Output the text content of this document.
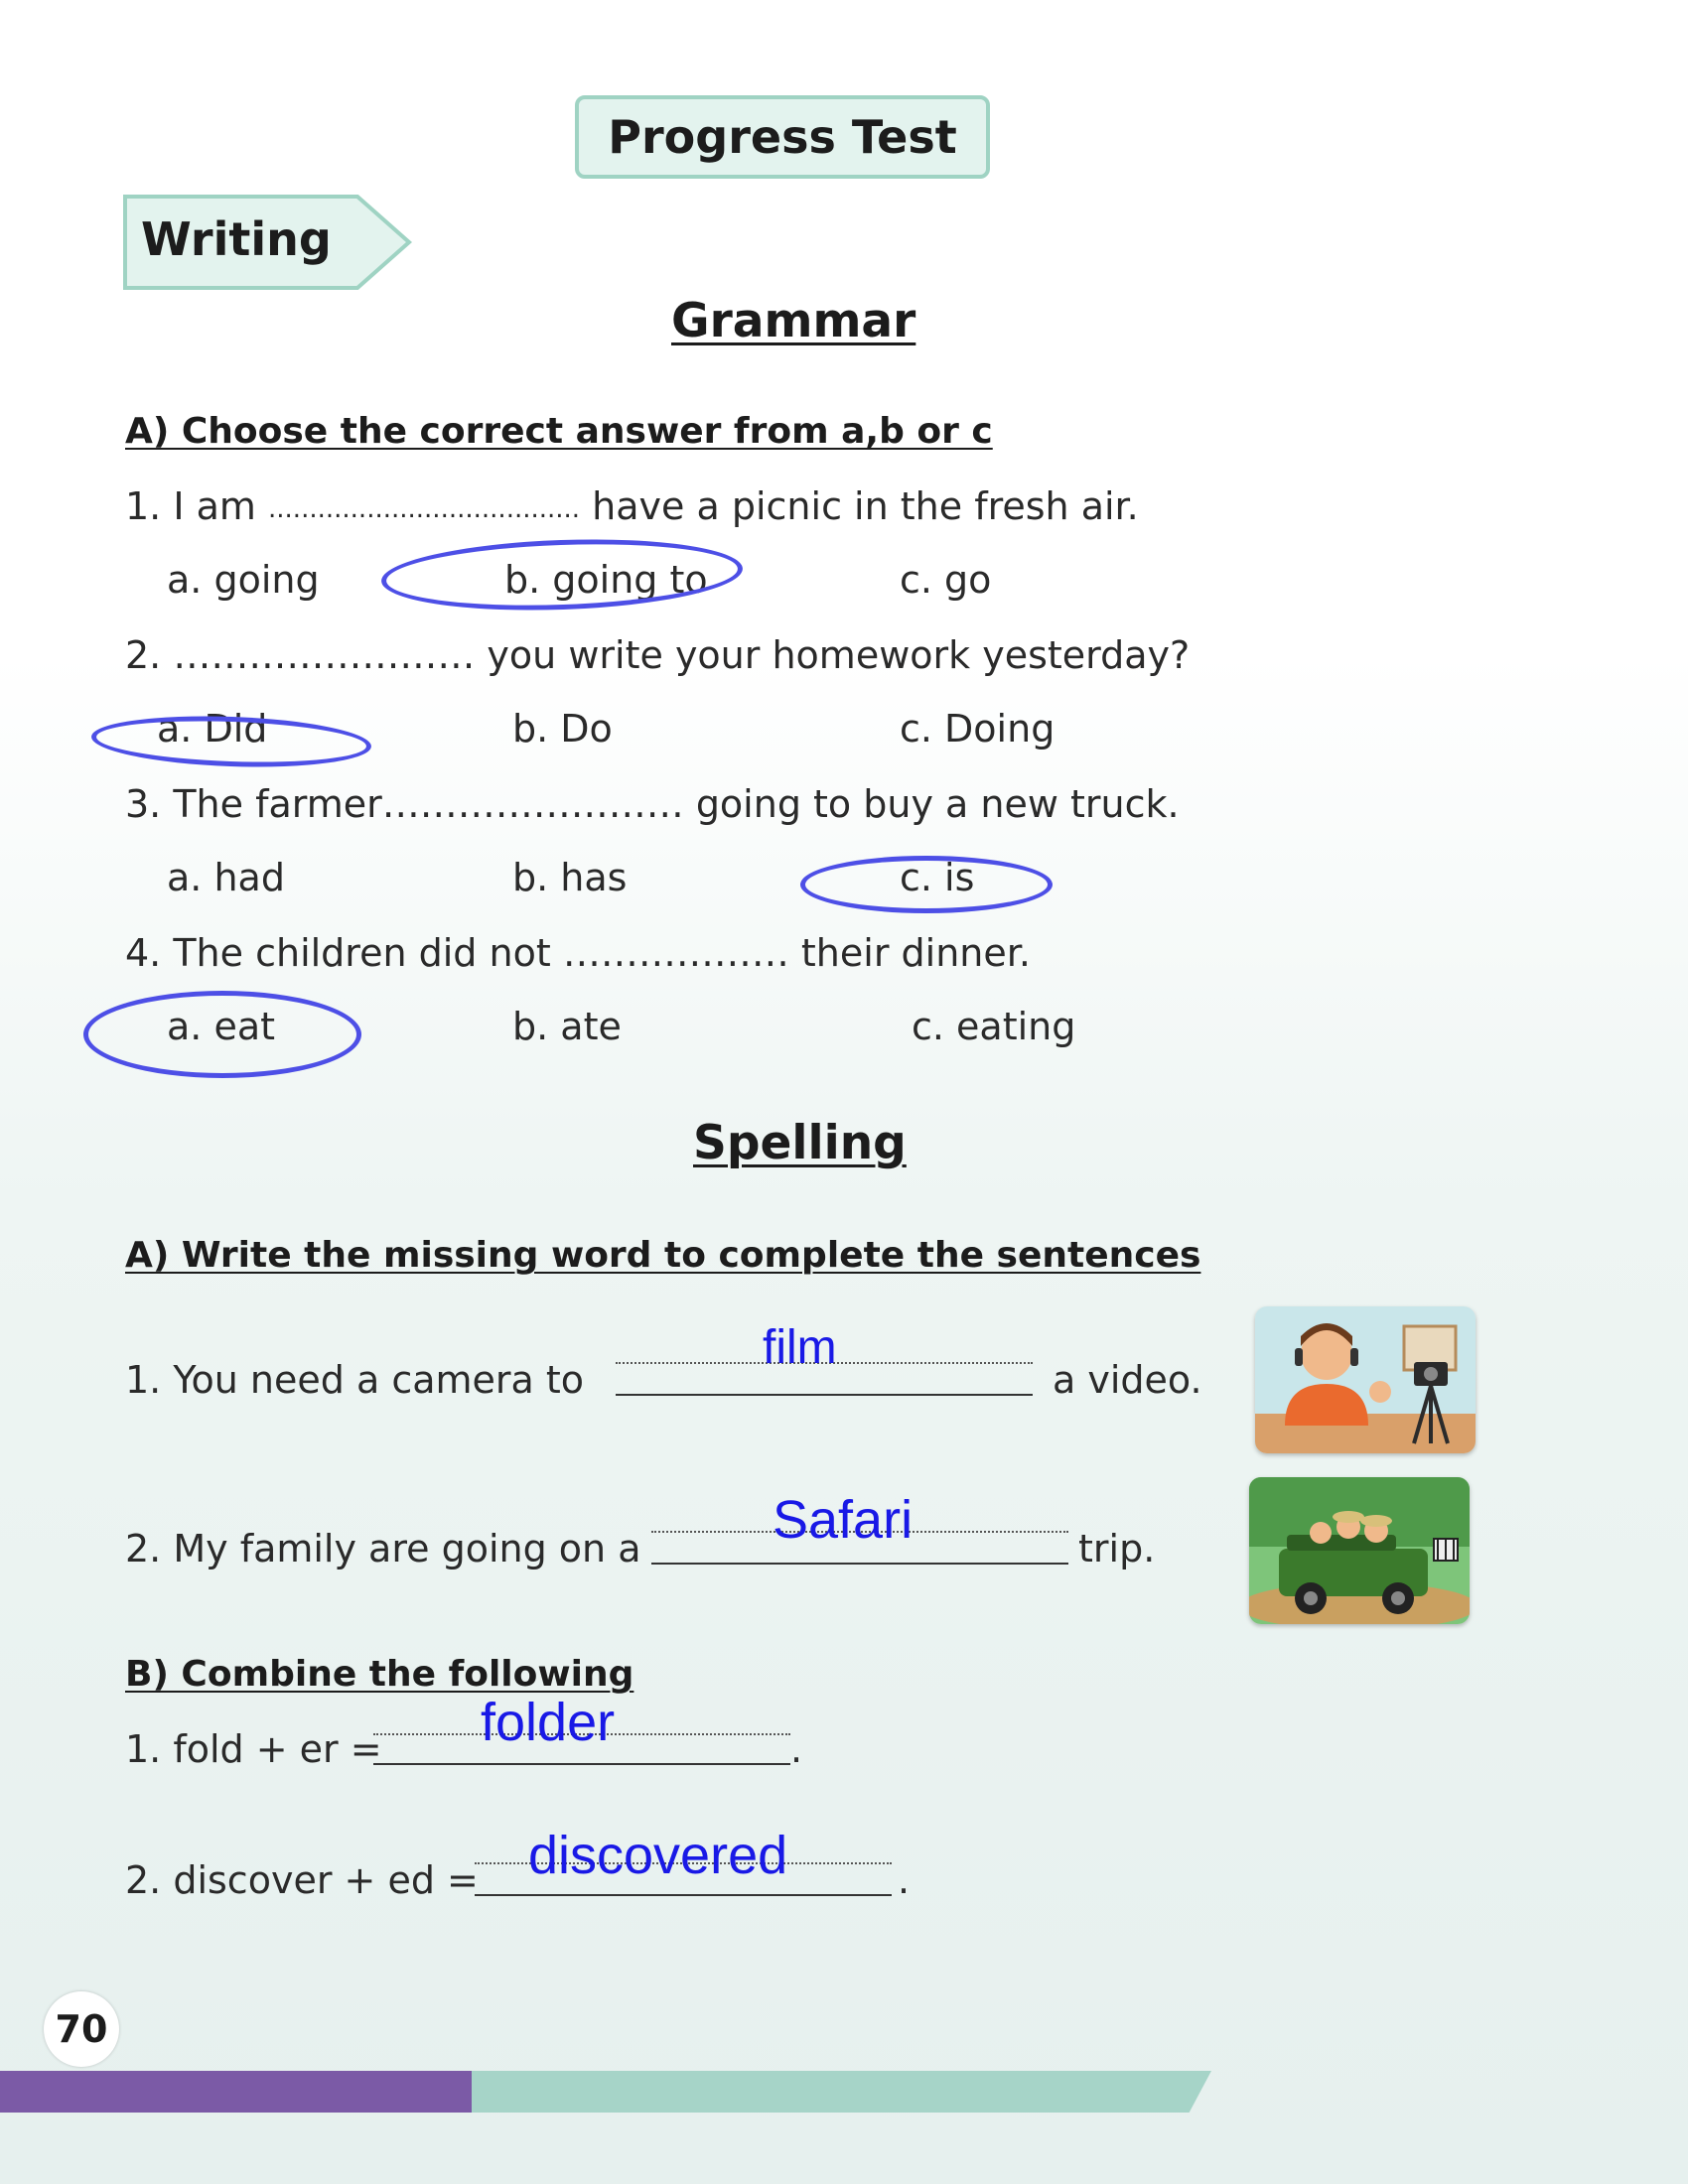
Progress Test
Writing
Grammar
A) Choose the correct answer from a,b or c
1. I am ...................................... have a picnic in the fresh air.
a. going	b. going to	c. go
2. …………………… you write your homework yesterday?
a. Did	b. Do	c. Doing
3. The farmer…………………… going to buy a new truck.
a. had	b. has	c. is
4. The children did not ……………… their dinner.
a. eat	b. ate	c. eating
Spelling
A) Write the missing word to complete the sentences
1. You need a camera to
film
a video.
2. My family are going on a Safari	trip.
B) Combine the following
1. fold + er = folder	.
2. discover + ed = discovered	.
70
